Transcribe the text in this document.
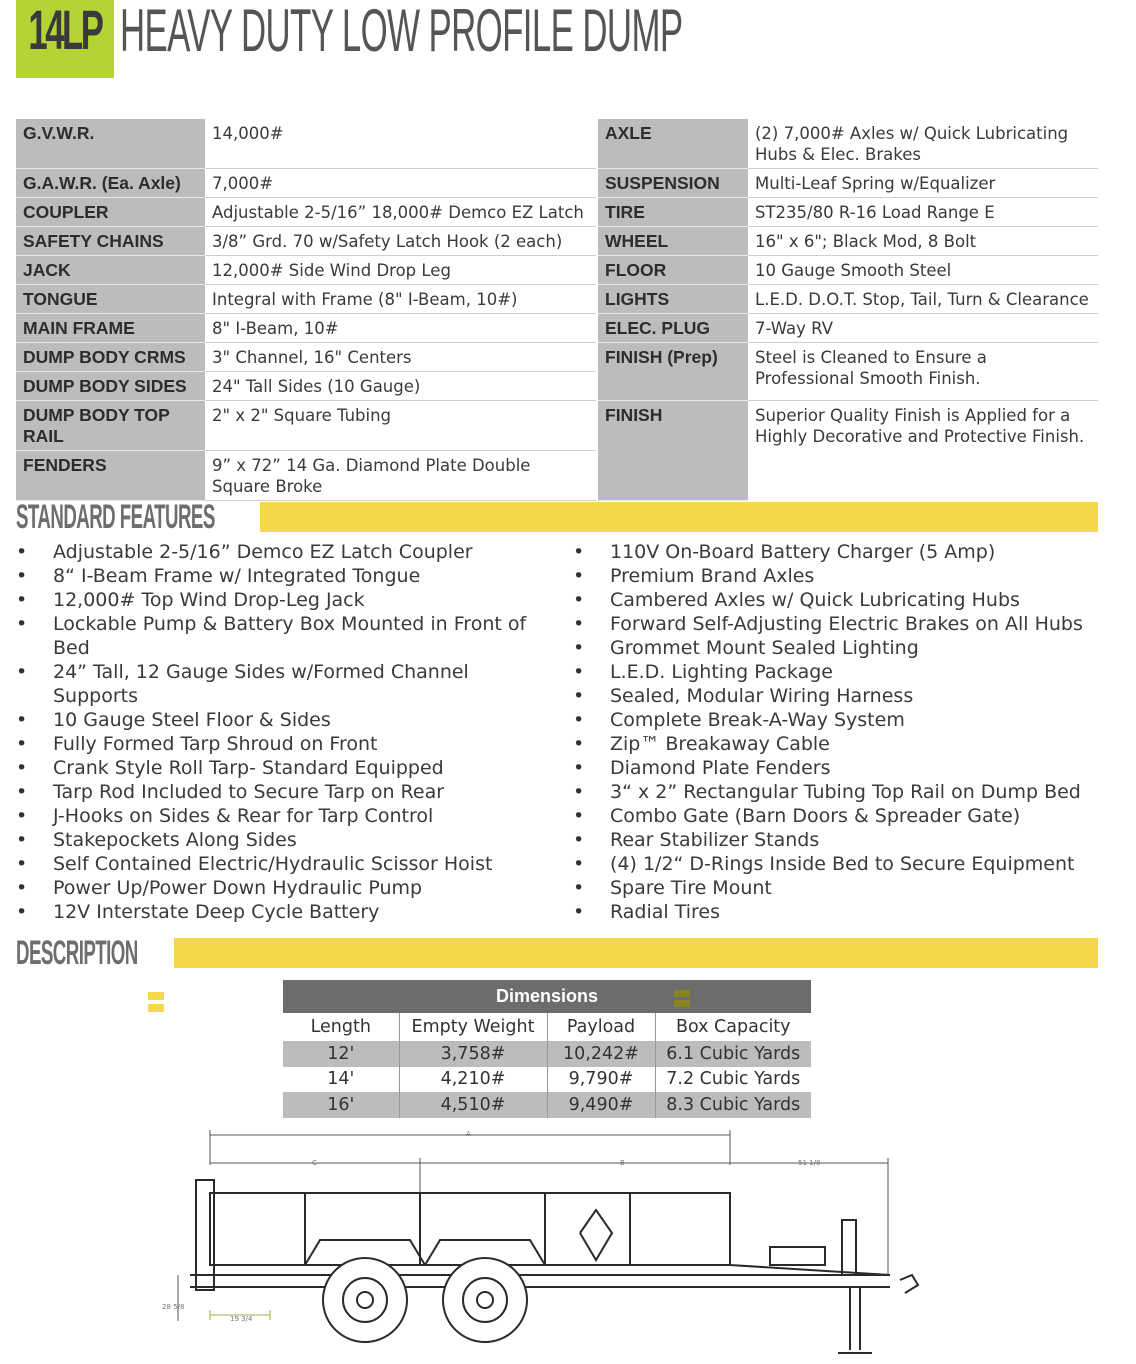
14LP HEAVY DUTY LOW PROFILE DUMP
G.V.W.R.	14,000#	AXLE	(2) 7,000# Axles w/ Quick Lubricating Hubs & Elec. Brakes
G.A.W.R. (Ea. Axle)	7,000#	SUSPENSION	Multi-Leaf Spring w/Equalizer
COUPLER	Adjustable 2-5/16” 18,000# Demco EZ Latch	TIRE	ST235/80 R-16 Load Range E
SAFETY CHAINS	3/8” Grd. 70 w/Safety Latch Hook (2 each)	WHEEL	16" x 6"; Black Mod, 8 Bolt
JACK	12,000# Side Wind Drop Leg	FLOOR	10 Gauge Smooth Steel
TONGUE	Integral with Frame (8" I-Beam, 10#)	LIGHTS	L.E.D. D.O.T. Stop, Tail, Turn & Clearance
MAIN FRAME	8" I-Beam, 10#	ELEC. PLUG	7-Way RV
DUMP BODY CRMS	3" Channel, 16" Centers	FINISH (Prep)	Steel is Cleaned to Ensure a Professional Smooth Finish.
DUMP BODY SIDES	24" Tall Sides (10 Gauge)		
DUMP BODY TOP RAIL	2" x 2" Square Tubing	FINISH	Superior Quality Finish is Applied for a Highly Decorative and Protective Finish.
FENDERS	9” x 72” 14 Ga. Diamond Plate Double Square Broke		
STANDARD FEATURES
• Adjustable 2-5/16” Demco EZ Latch Coupler
• 8“ I-Beam Frame w/ Integrated Tongue
• 12,000# Top Wind Drop-Leg Jack
• Lockable Pump & Battery Box Mounted in Front of Bed
• 24” Tall, 12 Gauge Sides w/Formed Channel Supports
• 10 Gauge Steel Floor & Sides
• Fully Formed Tarp Shroud on Front
• Crank Style Roll Tarp- Standard Equipped
• Tarp Rod Included to Secure Tarp on Rear
• J-Hooks on Sides & Rear for Tarp Control
• Stakepockets Along Sides
• Self Contained Electric/Hydraulic Scissor Hoist
• Power Up/Power Down Hydraulic Pump
• 12V Interstate Deep Cycle Battery
• 110V On-Board Battery Charger (5 Amp)
• Premium Brand Axles
• Cambered Axles w/ Quick Lubricating Hubs
• Forward Self-Adjusting Electric Brakes on All Hubs
• Grommet Mount Sealed Lighting
• L.E.D. Lighting Package
• Sealed, Modular Wiring Harness
• Complete Break-A-Way System
• Zip™ Breakaway Cable
• Diamond Plate Fenders
• 3“ x 2” Rectangular Tubing Top Rail on Dump Bed
• Combo Gate (Barn Doors & Spreader Gate)
• Rear Stabilizer Stands
• (4) 1/2“ D-Rings Inside Bed to Secure Equipment
• Spare Tire Mount
• Radial Tires
DESCRIPTION
Dimensions			
Length	Empty Weight	Payload	Box Capacity
12'	3,758#	10,242#	6.1 Cubic Yards
14'	4,210#	9,790#	7.2 Cubic Yards
16'	4,510#	9,490#	8.3 Cubic Yards
A
C	B	51 1/8
28 5/8
19 3/4
